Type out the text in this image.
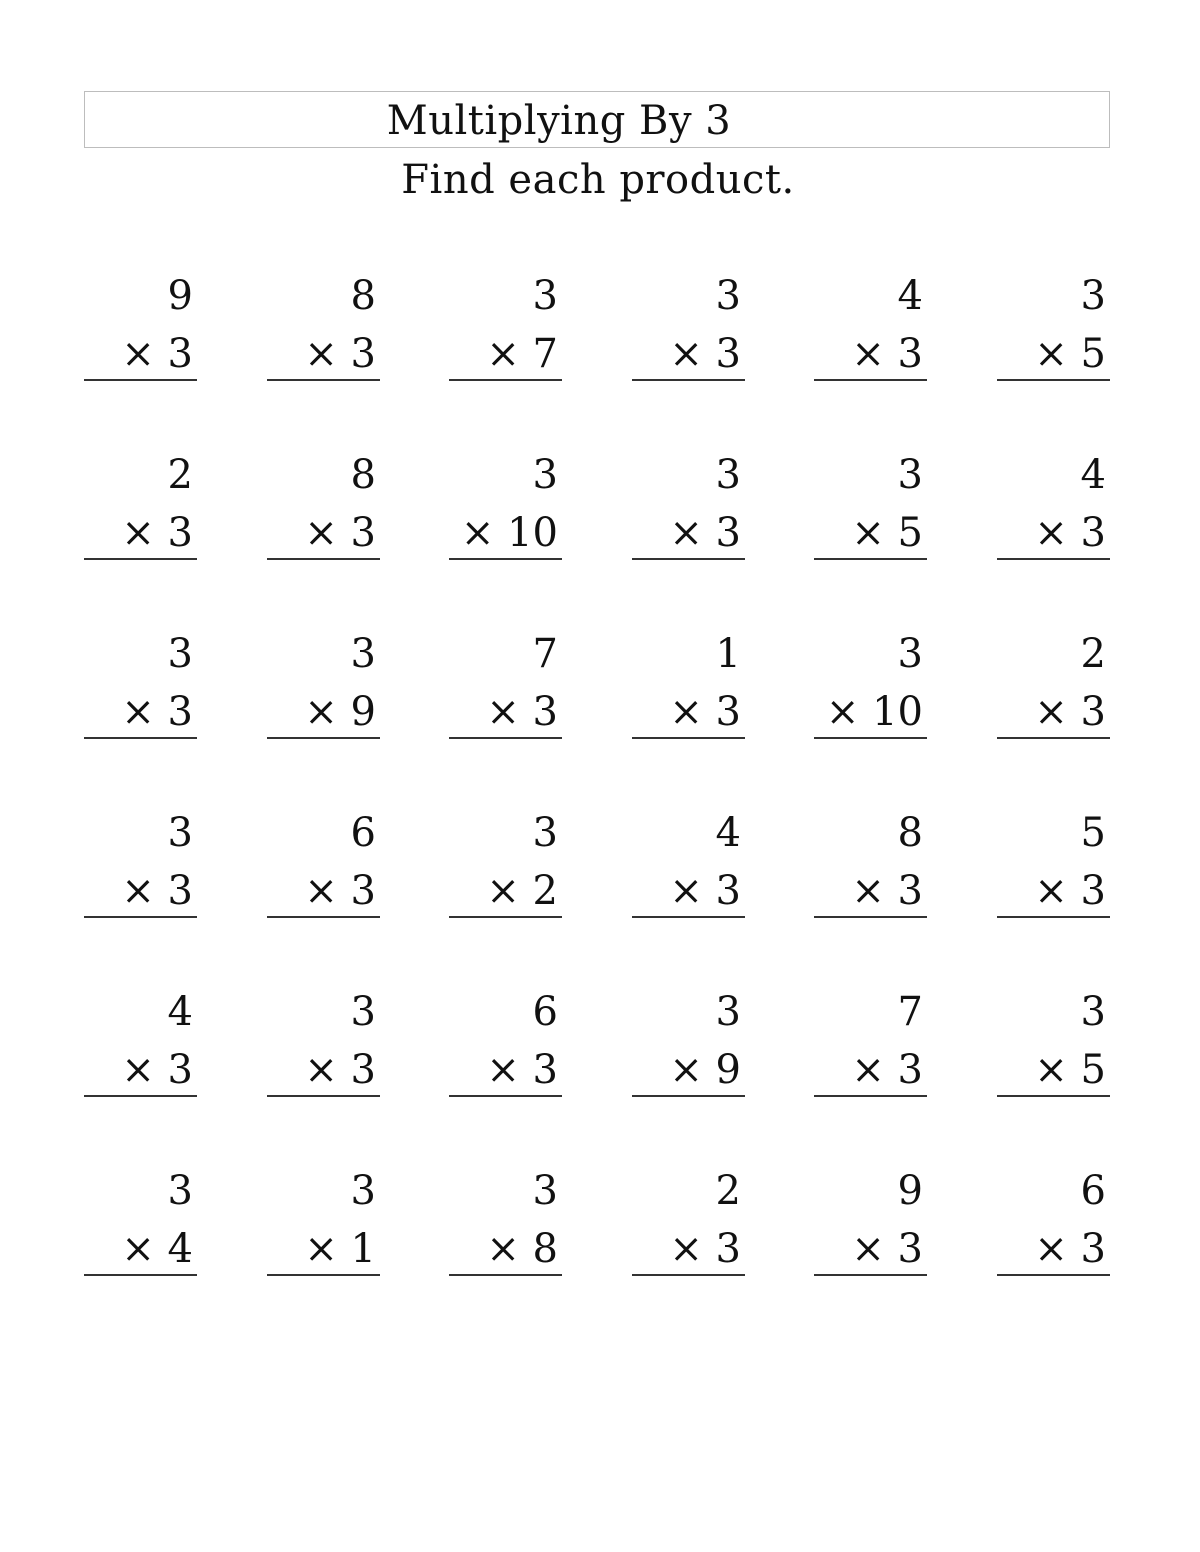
Multiplying By 3
Find each product.
9
× 3
8
× 3
3
× 7
3
× 3
4
× 3
3
× 5
2
× 3
8
× 3
3
× 10
3
× 3
3
× 5
4
× 3
3
× 3
3
× 9
7
× 3
1
× 3
3
× 10
2
× 3
3
× 3
6
× 3
3
× 2
4
× 3
8
× 3
5
× 3
4
× 3
3
× 3
6
× 3
3
× 9
7
× 3
3
× 5
3
× 4
3
× 1
3
× 8
2
× 3
9
× 3
6
× 3
